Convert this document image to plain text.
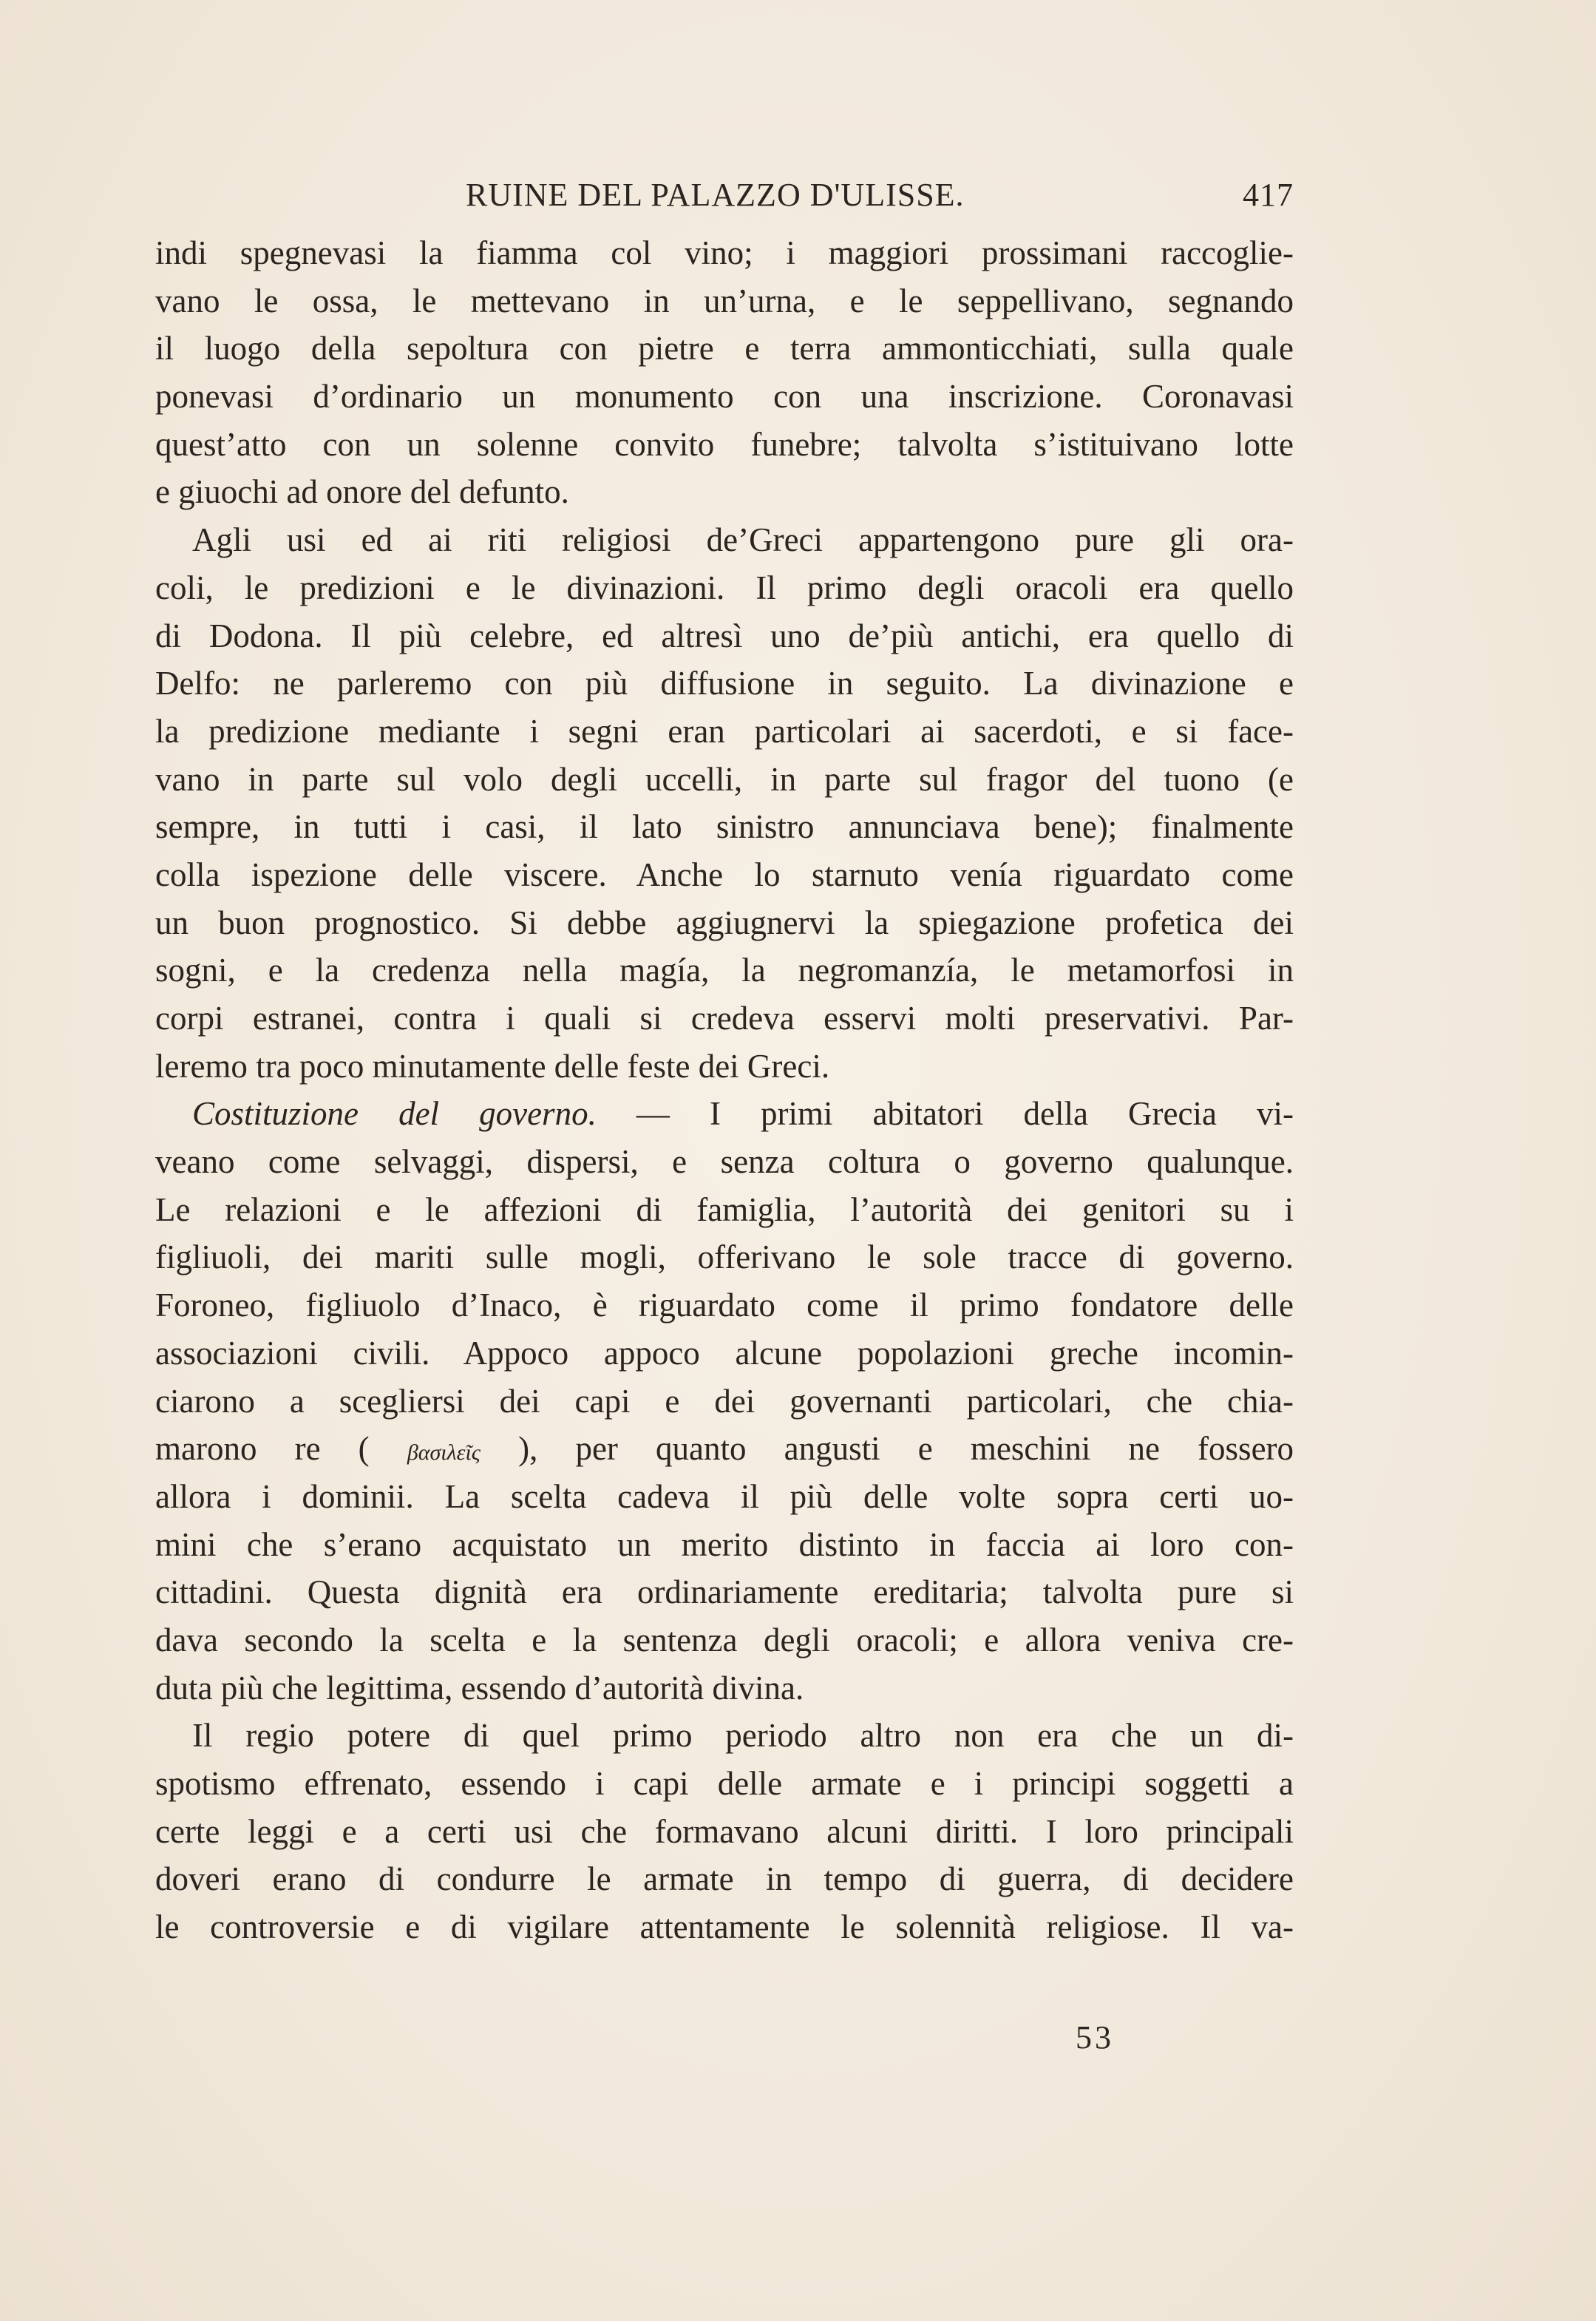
RUINE DEL PALAZZO D'ULISSE.	417
indi spegnevasi la fiamma col vino; i maggiori prossimani raccoglie-
vano le ossa, le mettevano in un’urna, e le seppellivano, segnando
il luogo della sepoltura con pietre e terra ammonticchiati, sulla quale
ponevasi d’ordinario un monumento con una inscrizione. Coronavasi
quest’atto con un solenne convito funebre; talvolta s’istituivano lotte
e giuochi ad onore del defunto.
Agli usi ed ai riti religiosi de’Greci appartengono pure gli ora-
coli, le predizioni e le divinazioni. Il primo degli oracoli era quello
di Dodona. Il più celebre, ed altresì uno de’più antichi, era quello di
Delfo: ne parleremo con più diffusione in seguito. La divinazione e
la predizione mediante i segni eran particolari ai sacerdoti, e si face-
vano in parte sul volo degli uccelli, in parte sul fragor del tuono (e
sempre, in tutti i casi, il lato sinistro annunciava bene); finalmente
colla ispezione delle viscere. Anche lo starnuto venía riguardato come
un buon prognostico. Si debbe aggiugnervi la spiegazione profetica dei
sogni, e la credenza nella magía, la negromanzía, le metamorfosi in
corpi estranei, contra i quali si credeva esservi molti preservativi. Par-
leremo tra poco minutamente delle feste dei Greci.
Costituzione del governo. — I primi abitatori della Grecia vi-
veano come selvaggi, dispersi, e senza coltura o governo qualunque.
Le relazioni e le affezioni di famiglia, l’autorità dei genitori su i
figliuoli, dei mariti sulle mogli, offerivano le sole tracce di governo.
Foroneo, figliuolo d’Inaco, è riguardato come il primo fondatore delle
associazioni civili. Appoco appoco alcune popolazioni greche incomin-
ciarono a scegliersi dei capi e dei governanti particolari, che chia-
marono re ( βασιλεῖς ), per quanto angusti e meschini ne fossero
allora i dominii. La scelta cadeva il più delle volte sopra certi uo-
mini che s’erano acquistato un merito distinto in faccia ai loro con-
cittadini. Questa dignità era ordinariamente ereditaria; talvolta pure si
dava secondo la scelta e la sentenza degli oracoli; e allora veniva cre-
duta più che legittima, essendo d’autorità divina.
Il regio potere di quel primo periodo altro non era che un di-
spotismo effrenato, essendo i capi delle armate e i principi soggetti a
certe leggi e a certi usi che formavano alcuni diritti. I loro principali
doveri erano di condurre le armate in tempo di guerra, di decidere
le controversie e di vigilare attentamente le solennità religiose. Il va-
53
